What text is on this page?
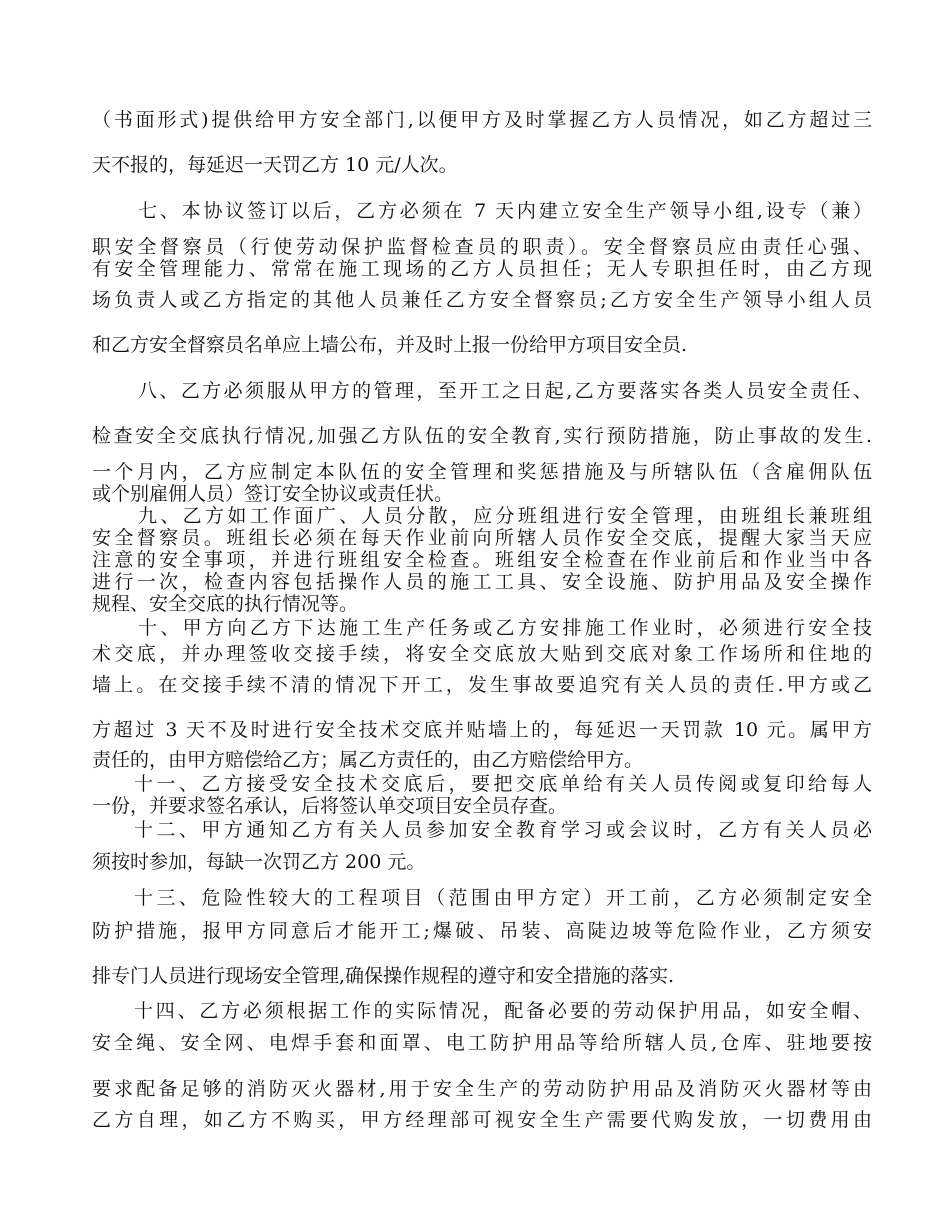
（书面形式)提供给甲方安全部门,以便甲方及时掌握乙方人员情况，如乙方超过三
天不报的，每延迟一天罚乙方 10 元/人次。
七、本协议签订以后，乙方必须在 7 天内建立安全生产领导小组,设专（兼）
职安全督察员（行使劳动保护监督检查员的职责）。安全督察员应由责任心强、
有安全管理能力、常常在施工现场的乙方人员担任；无人专职担任时，由乙方现
场负责人或乙方指定的其他人员兼任乙方安全督察员;乙方安全生产领导小组人员
和乙方安全督察员名单应上墙公布，并及时上报一份给甲方项目安全员.
八、乙方必须服从甲方的管理，至开工之日起,乙方要落实各类人员安全责任、
检查安全交底执行情况,加强乙方队伍的安全教育,实行预防措施，防止事故的发生.
一个月内，乙方应制定本队伍的安全管理和奖惩措施及与所辖队伍（含雇佣队伍
或个别雇佣人员）签订安全协议或责任状。
九、乙方如工作面广、人员分散，应分班组进行安全管理，由班组长兼班组
安全督察员。班组长必须在每天作业前向所辖人员作安全交底，提醒大家当天应
注意的安全事项，并进行班组安全检查。班组安全检查在作业前后和作业当中各
进行一次，检查内容包括操作人员的施工工具、安全设施、防护用品及安全操作
规程、安全交底的执行情况等。
十、甲方向乙方下达施工生产任务或乙方安排施工作业时，必须进行安全技
术交底，并办理签收交接手续，将安全交底放大贴到交底对象工作场所和住地的
墙上。在交接手续不清的情况下开工，发生事故要追究有关人员的责任.甲方或乙
方超过 3 天不及时进行安全技术交底并贴墙上的，每延迟一天罚款 10 元。属甲方
责任的，由甲方赔偿给乙方；属乙方责任的，由乙方赔偿给甲方。
十一、乙方接受安全技术交底后，要把交底单给有关人员传阅或复印给每人
一份，并要求签名承认，后将签认单交项目安全员存查。
十二、甲方通知乙方有关人员参加安全教育学习或会议时，乙方有关人员必
须按时参加，每缺一次罚乙方 200 元。
十三、危险性较大的工程项目（范围由甲方定）开工前，乙方必须制定安全
防护措施，报甲方同意后才能开工;爆破、吊装、高陡边坡等危险作业，乙方须安
排专门人员进行现场安全管理,确保操作规程的遵守和安全措施的落实.
十四、乙方必须根据工作的实际情况，配备必要的劳动保护用品，如安全帽、
安全绳、安全网、电焊手套和面罩、电工防护用品等给所辖人员,仓库、驻地要按
要求配备足够的消防灭火器材,用于安全生产的劳动防护用品及消防灭火器材等由
乙方自理，如乙方不购买，甲方经理部可视安全生产需要代购发放，一切费用由
